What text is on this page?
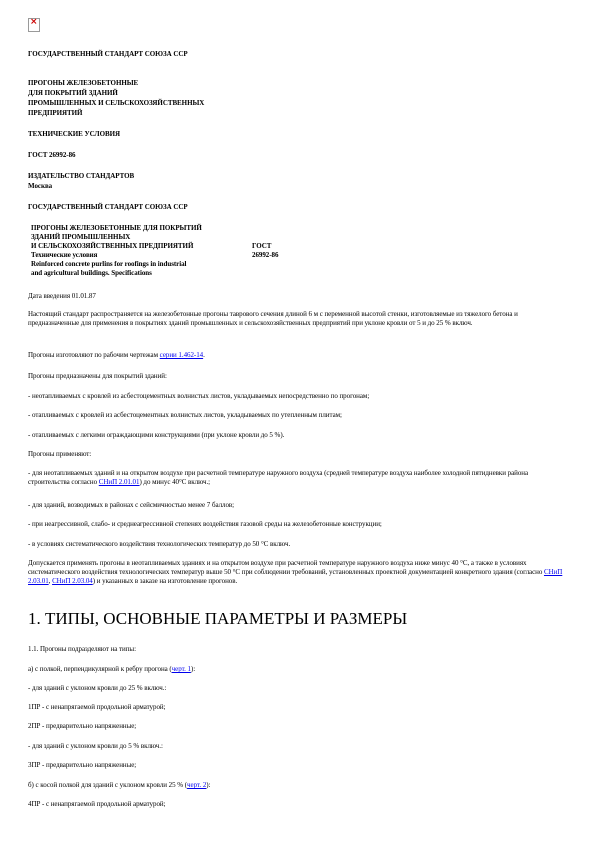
×

ГОСУДАРСТВЕННЫЙ СТАНДАРТ СОЮЗА ССР

ПРОГОНЫ ЖЕЛЕЗОБЕТОННЫЕ

ДЛЯ ПОКРЫТИЙ ЗДАНИЙ

ПРОМЫШЛЕННЫХ И СЕЛЬСКОХОЗЯЙСТВЕННЫХ

ПРЕДПРИЯТИЙ

ТЕХНИЧЕСКИЕ УСЛОВИЯ

ГОСТ 26992-86

ИЗДАТЕЛЬСТВО СТАНДАРТОВ

Москва

ГОСУДАРСТВЕННЫЙ СТАНДАРТ СОЮЗА ССР

ПРОГОНЫ ЖЕЛЕЗОБЕТОННЫЕ ДЛЯ ПОКРЫТИЙ

ЗДАНИЙ ПРОМЫШЛЕННЫХ

И СЕЛЬСКОХОЗЯЙСТВЕННЫХ ПРЕДПРИЯТИЙ

Технические условия

Reinforced concrete purlins for roofings in industrial

and agricultural buildings. Specifications

ГОСТ

26992-86

Дата введения 01.01.87

Настоящий стандарт распространяется на железобетонные прогоны таврового сечения длиной 6 м с переменной высотой стенки, изготовляемые из тяжелого бетона и предназначенные для применения в покрытиях зданий промышленных и сельскохозяйственных предприятий при уклоне кровли от 5 и до 25 % включ.

Прогоны изготовляют по рабочим чертежам серии 1.462-14.

Прогоны предназначены для покрытий зданий:

- неотапливаемых с кровлей из асбестоцементных волнистых листов, укладываемых непосредственно по прогонам;

- отапливаемых с кровлей из асбестоцементных волнистых листов, укладываемых по утепленным плитам;

- отапливаемых с легкими ограждающими конструкциями (при уклоне кровли до 5 %).

Прогоны применяют:

- для неотапливаемых зданий и на открытом воздухе при расчетной температуре наружного воздуха (средней температуре воздуха наиболее холодной пятидневки района строительства согласно СНиП 2.01.01) до минус 40°С включ.;

- для зданий, возводимых в районах с сейсмичностью менее 7 баллов;

- при неагрессивной, слабо- и среднеагрессивной степенях воздействия газовой среды на железобетонные конструкции;

- в условиях систематического воздействия технологических температур до 50 °С включ.

Допускается применять прогоны в неотапливаемых зданиях и на открытом воздухе при расчетной температуре наружного воздуха ниже минус 40 °С, а также в условиях систематического воздействия технологических температур выше 50 °С при соблюдении требований, установленных проектной документацией конкретного здания (согласно СНиП 2.03.01, СНиП 2.03.04) и указанных в заказе на изготовление прогонов.

1. ТИПЫ, ОСНОВНЫЕ ПАРАМЕТРЫ И РАЗМЕРЫ

1.1. Прогоны подразделяют на типы:

а) с полкой, перпендикулярной к ребру прогона (черт. 1):

- для зданий с уклоном кровли до 25 % включ.:

1ПР - с ненапрягаемой продольной арматурой;

2ПР - предварительно напряженные;

- для зданий с уклоном кровли до 5 % включ.:

3ПР - предварительно напряженные;

б) с косой полкой для зданий с уклоном кровли 25 % (черт. 2):

4ПР - с ненапрягаемой продольной арматурой;
